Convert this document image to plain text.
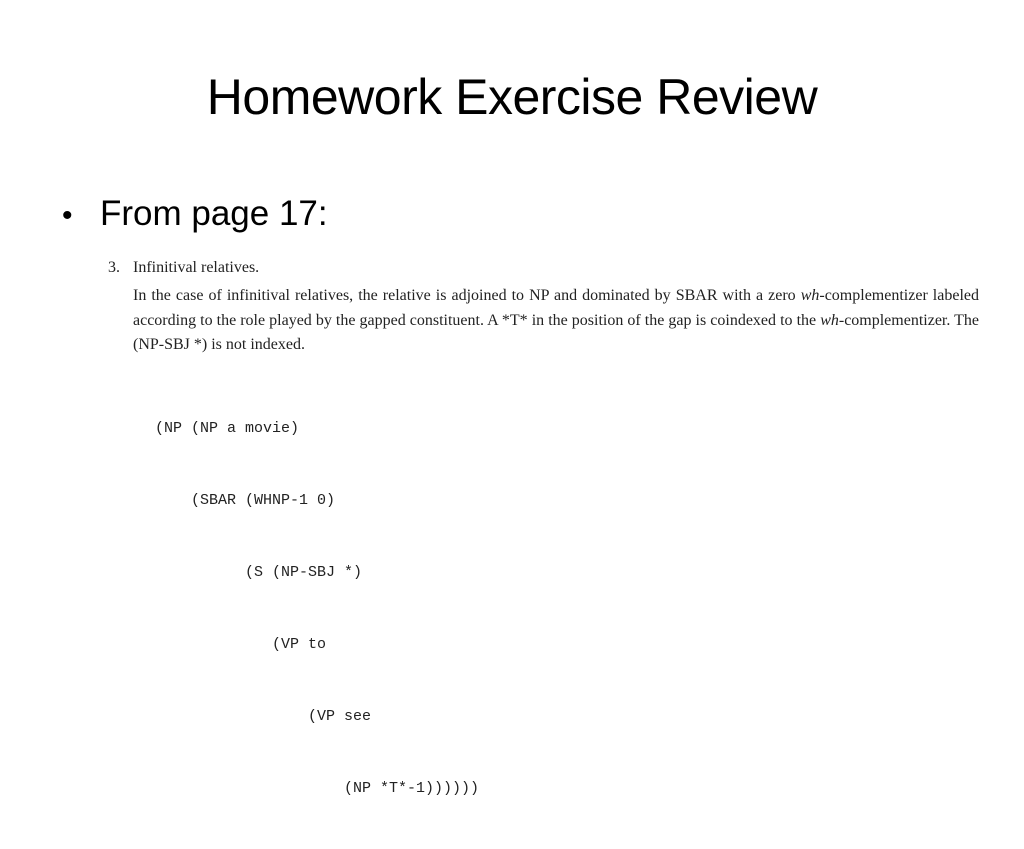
Homework Exercise Review
• From page 17:
3. Infinitival relatives.
In the case of infinitival relatives, the relative is adjoined to NP and dominated by SBAR with a zero wh-complementizer labeled according to the role played by the gapped constituent. A *T* in the position of the gap is coindexed to the wh-complementizer. The (NP-SBJ *) is not indexed.

(NP (NP a movie)

(SBAR (WHNP-1 0)

(S (NP-SBJ *)

(VP to

(VP see

(NP *T*-1))))))
